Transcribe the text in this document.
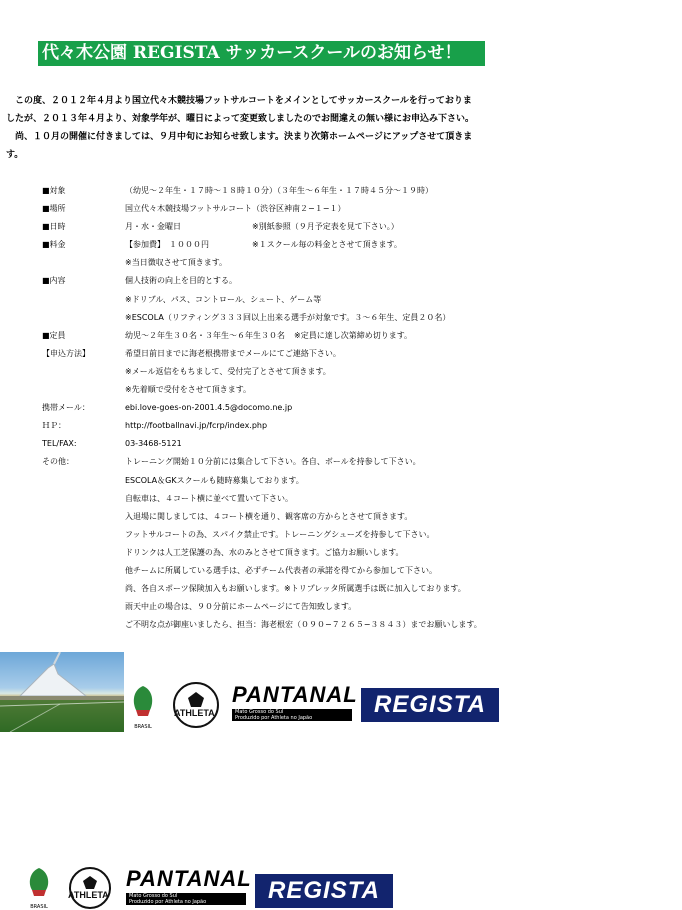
代々木公園 REGISTA サッカースクールのお知らせ！

　この度、２０１２年４月より国立代々木競技場フットサルコートをメインとしてサッカースクールを行っておりま

したが、２０１３年４月より、対象学年が、曜日によって変更致しましたのでお間違えの無い様にお申込み下さい。

　尚、１０月の開催に付きましては、９月中旬にお知らせ致します。決まり次第ホームページにアップさせて頂きま

す。

■対象	（幼児〜２年生・１７時〜１８時１０分）（３年生〜６年生・１７時４５分〜１９時）
■場所	国立代々木競技場フットサルコート（渋谷区神南２−１−１）
■日時	月・水・金曜日	※別紙参照（９月予定表を見て下さい。）
■料金	【参加費】　１０００円	※１スクール毎の料金とさせて頂きます。
※当日徴収させて頂きます。
■内容	個人技術の向上を目的とする。
※ドリブル、パス、コントロール、シュート、ゲーム等
※ESCOLA（リフティング３３３回以上出来る選手が対象です。３〜６年生、定員２０名）
■定員	幼児〜２年生３０名・３年生〜６年生３０名 ※定員に達し次第締め切ります。
【申込方法】	希望日前日までに海老根携帯までメールにてご連絡下さい。
※メール返信をもちまして、受付完了とさせて頂きます。
※先着順で受付をさせて頂きます。
携帯メール：	ebi.love-goes-on-2001.4.5@docomo.ne.jp
ＨＰ：	http://footballnavi.jp/fcrp/index.php
TEL/FAX:	03-3468-5121
その他：	トレーニング開始１０分前には集合して下さい。各自、ボールを持参して下さい。
ESCOLA＆GKスクールも随時募集しております。
自転車は、４コート横に並べて置いて下さい。
入退場に関しましては、４コート横を通り、観客席の方からとさせて頂きます。
フットサルコートの為、スパイク禁止です。トレーニングシューズを持参して下さい。
ドリンクは人工芝保護の為、水のみとさせて頂きます。ご協力お願いします。
他チームに所属している選手は、必ずチーム代表者の承諾を得てから参加して下さい。
尚、各自スポーツ保険加入もお願いします。※トリプレッタ所属選手は既に加入しております。
雨天中止の場合は、９０分前にホームページにて告知致します。
ご不明な点が御座いましたら、担当：海老根宏（０９０−７２６５−３８４３）までお願いします。
BRASIL
ATHLETA
PANTANAL
Mato Grosso do Sul
Produzido por Athleta no Japão	REGISTA
BRASIL
ATHLETA
PANTANAL
Mato Grosso do Sul
Produzido por Athleta no Japão	REGISTA
